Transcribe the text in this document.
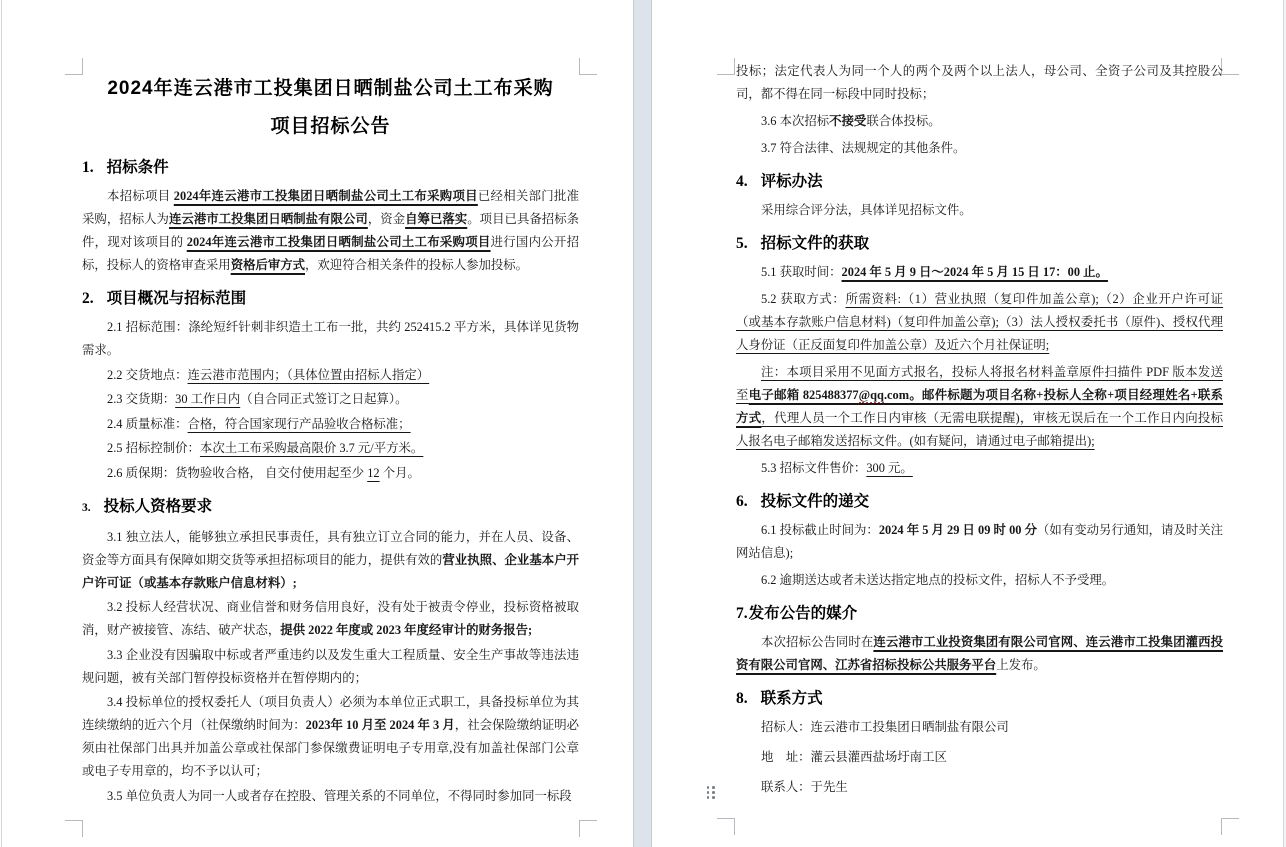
2024年连云港市工投集团日晒制盐公司土工布采购
项目招标公告
1. 招标条件

本招标项目 2024年连云港市工投集团日晒制盐公司土工布采购项目已经相关部门批准采购，招标人为连云港市工投集团日晒制盐有限公司，资金自筹已落实。项目已具备招标条件，现对该项目的 2024年连云港市工投集团日晒制盐公司土工布采购项目进行国内公开招标，投标人的资格审查采用资格后审方式，欢迎符合相关条件的投标人参加投标。

2. 项目概况与招标范围

2.1 招标范围：涤纶短纤针刺非织造土工布一批，共约 252415.2 平方米，具体详见货物需求。

2.2 交货地点：连云港市范围内；（具体位置由招标人指定）

2.3 交货期：30 工作日内（自合同正式签订之日起算）。

2.4 质量标准：合格，符合国家现行产品验收合格标准；

2.5 招标控制价：本次土工布采购最高限价 3.7 元/平方米。

2.6 质保期：货物验收合格， 自交付使用起至少 12 个月。

3. 投标人资格要求

3.1 独立法人，能够独立承担民事责任，具有独立订立合同的能力，并在人员、设备、资金等方面具有保障如期交货等承担招标项目的能力，提供有效的营业执照、企业基本户开户许可证（或基本存款账户信息材料）;

3.2 投标人经营状况、商业信誉和财务信用良好，没有处于被责令停业，投标资格被取消，财产被接管、冻结、破产状态，提供 2022 年度或 2023 年度经审计的财务报告;

3.3 企业没有因骗取中标或者严重违约以及发生重大工程质量、安全生产事故等违法违规问题，被有关部门暂停投标资格并在暂停期内的；

3.4 投标单位的授权委托人（项目负责人）必须为本单位正式职工，具备投标单位为其连续缴纳的近六个月（社保缴纳时间为：2023年 10 月至 2024 年 3 月，社会保险缴纳证明必须由社保部门出具并加盖公章或社保部门参保缴费证明电子专用章,没有加盖社保部门公章或电子专用章的，均不予以认可；

3.5 单位负责人为同一人或者存在控股、管理关系的不同单位，不得同时参加同一标段

投标；法定代表人为同一个人的两个及两个以上法人，母公司、全资子公司及其控股公司，都不得在同一标段中同时投标；

3.6 本次招标不接受联合体投标。

3.7 符合法律、法规规定的其他条件。

4. 评标办法

采用综合评分法，具体详见招标文件。

5. 招标文件的获取

5.1 获取时间：2024 年 5 月 9 日～2024 年 5 月 15 日 17：00 止。

5.2 获取方式：所需资料:（1）营业执照（复印件加盖公章);（2）企业开户许可证（或基本存款账户信息材料)（复印件加盖公章);（3）法人授权委托书（原件)、授权代理人身份证（正反面复印件加盖公章）及近六个月社保证明;

注：本项目采用不见面方式报名，投标人将报名材料盖章原件扫描件 PDF 版本发送至电子邮箱 825488377@qq.com。邮件标题为项目名称+投标人全称+项目经理姓名+联系方式，代理人员一个工作日内审核（无需电联提醒)，审核无误后在一个工作日内向投标人报名电子邮箱发送招标文件。(如有疑问，请通过电子邮箱提出);

5.3 招标文件售价：300 元。

6. 投标文件的递交

6.1 投标截止时间为：2024 年 5 月 29 日 09 时 00 分（如有变动另行通知，请及时关注网站信息);

6.2 逾期送达或者未送达指定地点的投标文件，招标人不予受理。

7.发布公告的媒介

本次招标公告同时在连云港市工业投资集团有限公司官网、连云港市工投集团灌西投资有限公司官网、江苏省招标投标公共服务平台上发布。

8. 联系方式

招标人：连云港市工投集团日晒制盐有限公司

地　址：灌云县灌西盐场圩南工区

联系人：于先生
